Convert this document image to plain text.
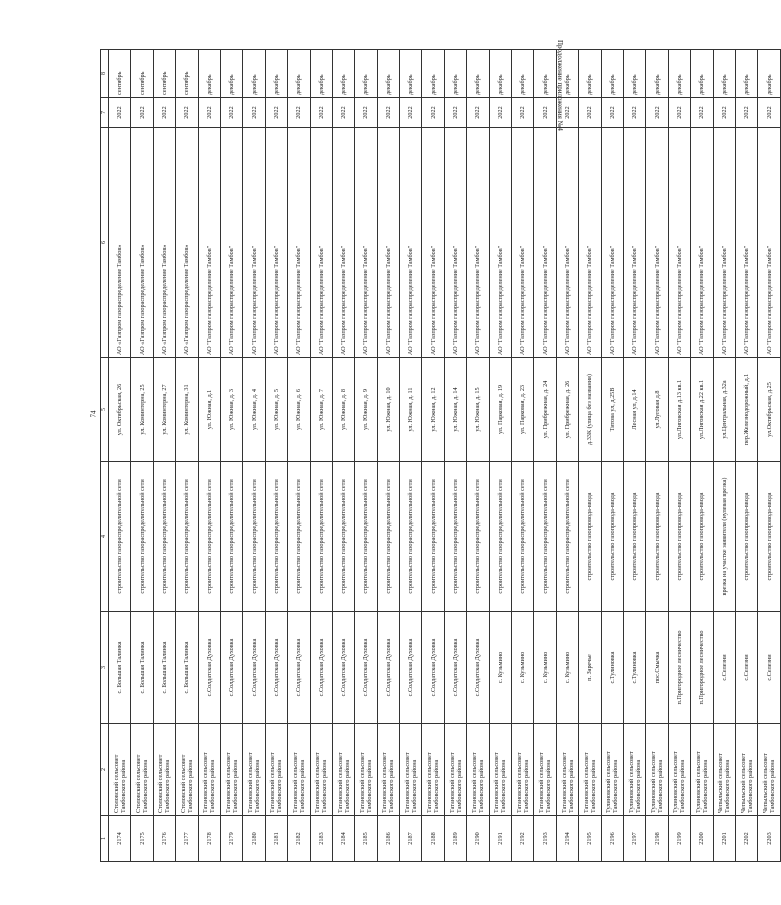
74
Продолжение приложения №4
1	2	3	4	5	6	7	8
2174	Столовский сельсовет Тамбовского района	с. Большая Талинка	строительство газораспределительной сети	ул. Октябрьская, 26	АО «Газпром газораспределение Тамбов»	2022	сентябрь
2175	Столовский сельсовет Тамбовского района	с. Большая Талинка	строительство газораспределительной сети	ул. Коминтерна, 25	АО «Газпром газораспределение Тамбов»	2022	сентябрь
2176	Столовский сельсовет Тамбовского района	с. Большая Талинка	строительство газораспределительной сети	ул. Коминтерна, 27	АО «Газпром газораспределение Тамбов»	2022	сентябрь
2177	Столовский сельсовет Тамбовского района	с. Большая Талинка	строительство газораспределительной сети	ул. Коминтерна, 31	АО «Газпром газораспределение Тамбов»	2022	сентябрь
2178	Татановский сельсовет Тамбовского района	с.Солдатская Духовка	строительство газораспределительной сети	ул. Южная, д.1	АО "Газпром газораспределение Тамбов"	2022	декабрь
2179	Татановский сельсовет Тамбовского района	с.Солдатская Духовка	строительство газораспределительной сети	ул. Южная, д. 3	АО "Газпром газораспределение Тамбов"	2022	декабрь
2180	Татановский сельсовет Тамбовского района	с.Солдатская Духовка	строительство газораспределительной сети	ул. Южная, д. 4	АО "Газпром газораспределение Тамбов"	2022	декабрь
2181	Татановский сельсовет Тамбовского района	с.Солдатская Духовка	строительство газораспределительной сети	ул. Южная, д. 5	АО "Газпром газораспределение Тамбов"	2022	декабрь
2182	Татановский сельсовет Тамбовского района	с.Солдатская Духовка	строительство газораспределительной сети	ул. Южная, д. 6	АО "Газпром газораспределение Тамбов"	2022	декабрь
2183	Татановский сельсовет Тамбовского района	с.Солдатская Духовка	строительство газораспределительной сети	ул. Южная, д. 7	АО "Газпром газораспределение Тамбов"	2022	декабрь
2184	Татановский сельсовет Тамбовского района	с.Солдатская Духовка	строительство газораспределительной сети	ул. Южная, д. 8	АО "Газпром газораспределение Тамбов"	2022	декабрь
2185	Татановский сельсовет Тамбовского района	с.Солдатская Духовка	строительство газораспределительной сети	ул. Южная, д. 9	АО "Газпром газораспределение Тамбов"	2022	декабрь
2186	Татановский сельсовет Тамбовского района	с.Солдатская Духовка	строительство газораспределительной сети	ул. Южная, д. 10	АО "Газпром газораспределение Тамбов"	2022	декабрь
2187	Татановский сельсовет Тамбовского района	с.Солдатская Духовка	строительство газораспределительной сети	ул. Южная, д. 11	АО "Газпром газораспределение Тамбов"	2022	декабрь
2188	Татановский сельсовет Тамбовского района	с.Солдатская Духовка	строительство газораспределительной сети	ул. Южная, д. 12	АО "Газпром газораспределение Тамбов"	2022	декабрь
2189	Татановский сельсовет Тамбовского района	с.Солдатская Духовка	строительство газораспределительной сети	ул. Южная, д. 14	АО "Газпром газораспределение Тамбов"	2022	декабрь
2190	Татановский сельсовет Тамбовского района	с.Солдатская Духовка	строительство газораспределительной сети	ул. Южная, д. 15	АО "Газпром газораспределение Тамбов"	2022	декабрь
2191	Татановский сельсовет Тамбовского района	с. Кузьмино	строительство газораспределительной сети	ул. Парковая, д. 19	АО "Газпром газораспределение Тамбов"	2022	декабрь
2192	Татановский сельсовет Тамбовского района	с. Кузьмино	строительство газораспределительной сети	ул. Парковая, д. 23	АО "Газпром газораспределение Тамбов"	2022	декабрь
2193	Татановский сельсовет Тамбовского района	с. Кузьмино	строительство газораспределительной сети	ул. Прибрежная, д. 24	АО "Газпром газораспределение Тамбов"	2022	декабрь
2194	Татановский сельсовет Тамбовского района	с. Кузьмино	строительство газораспределительной сети	ул. Прибрежная, д. 26	АО "Газпром газораспределение Тамбов"	2022	декабрь
2195	Татановский сельсовет Тамбовского района	п. Заречье	строительство газопровода-ввода	д.33К (улица без названия)	АО "Газпром газораспределение Тамбов"	2022	декабрь
2196	Тулиновский сельсовет Тамбовского района	с.Тулиновка	строительство газопровода-ввода	Титова ул, д.25В	АО "Газпром газораспределение Тамбов"	2022	декабрь
2197	Тулиновский сельсовет Тамбовского района	с.Тулиновка	строительство газопровода-ввода	Лесная ул, д.14	АО "Газпром газораспределение Тамбов"	2022	декабрь
2198	Тулиновский сельсовет Тамбовского района	пос.Смычка	строительство газопровода-ввода	ул.Луговая д.8	АО "Газпром газораспределение Тамбов"	2022	декабрь
2199	Тулиновский сельсовет Тамбовского района	п.Пригородное лесничество	строительство газопровода-ввода	ул.Лиговская д.13 кв.1	АО "Газпром газораспределение Тамбов"	2022	декабрь
2200	Тулиновский сельсовет Тамбовского района	п.Пригородное лесничество	строительство газопровода-ввода	ул.Лиговская д.22 кв.1	АО "Газпром газораспределение Тамбов"	2022	декабрь
2201	Чепыльский сельсовет Тамбовского района	с.Селезни	врезка на участке заявителя (нулевая врезка)	ул.Центральная, д.32а	АО "Газпром газораспределение Тамбов"	2022	декабрь
2202	Чепыльский сельсовет Тамбовского района	с.Селезни	строительство газопровода-ввода	пер.Железнодорожный, д.1	АО "Газпром газораспределение Тамбов"	2022	декабрь
2203	Чепыльский сельсовет Тамбовского района	с.Селезни	строительство газопровода-ввода	ул.Октябрьская, д.25	АО "Газпром газораспределение Тамбов"	2022	декабрь
